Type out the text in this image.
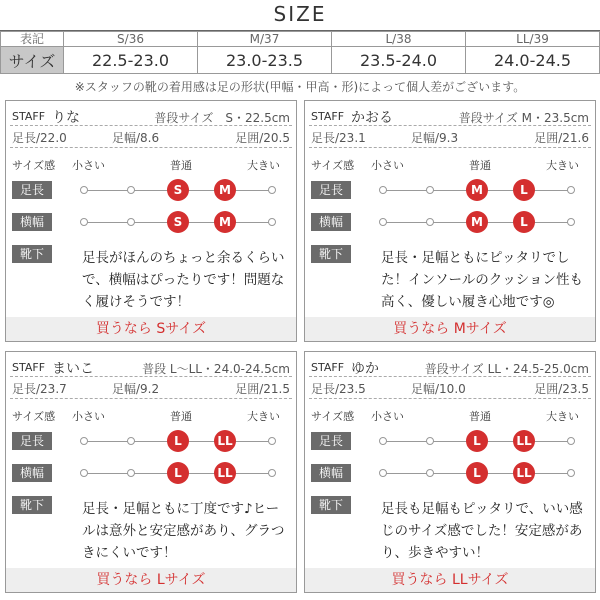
SIZE
表記	S/36	M/37	L/38	LL/39
サイズ	22.5-23.0	23.0-23.5	23.5-24.0	24.0-24.5
※スタッフの靴の着用感は足の形状(甲幅・甲高・形)によって個人差がございます。
STAFF りな	普段サイズ　S・22.5cm
足長/22.0	足幅/8.6	足囲/20.5
サイズ感 小さい	普通	大きい
足長がほんのちょっと余るくらいで、横幅はぴったりです！問題なく履けそうです！
買うなら Sサイズ
足長
横幅
靴下
S	M
S	M
STAFF かおる	普段サイズ M・23.5cm
足長/23.1	足幅/9.3	足囲/21.6
サイズ感 小さい	普通	大きい
足長・足幅ともにピッタリでした！インソールのクッション性も高く、優しい履き心地です◎
買うなら Mサイズ
足長
横幅
靴下
M	L
M	L
STAFF まいこ	普段 L〜LL・24.0-24.5cm
足長/23.7	足幅/9.2	足囲/21.5
サイズ感 小さい	普通	大きい
足長・足幅ともに丁度です♪ヒールは意外と安定感があり、グラつきにくいです！
買うなら Lサイズ
足長
横幅
靴下
L	LL
L	LL
STAFF ゆか	普段サイズ LL・24.5-25.0cm
足長/23.5	足幅/10.0	足囲/23.5
サイズ感 小さい	普通	大きい
足長も足幅もピッタリで、いい感じのサイズ感でした！安定感があり、歩きやすい！
買うなら LLサイズ
足長
横幅
靴下
L	LL
L	LL
